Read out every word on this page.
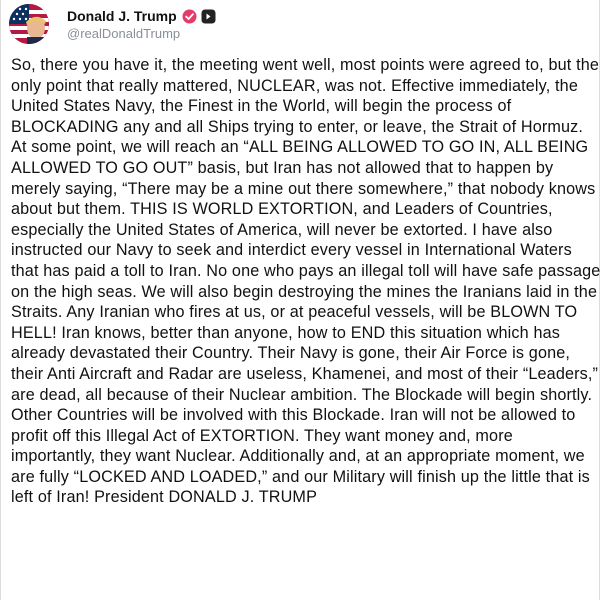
Donald J. Trump
@realDonaldTrump
So, there you have it, the meeting went well, most points were agreed to, but the only point that really mattered, NUCLEAR, was not. Effective immediately, the United States Navy, the Finest in the World, will begin the process of BLOCKADING any and all Ships trying to enter, or leave, the Strait of Hormuz. At some point, we will reach an “ALL BEING ALLOWED TO GO IN, ALL BEING ALLOWED TO GO OUT” basis, but Iran has not allowed that to happen by merely saying, “There may be a mine out there somewhere,” that nobody knows about but them. THIS IS WORLD EXTORTION, and Leaders of Countries, especially the United States of America, will never be extorted. I have also instructed our Navy to seek and interdict every vessel in International Waters that has paid a toll to Iran. No one who pays an illegal toll will have safe passage on the high seas. We will also begin destroying the mines the Iranians laid in the Straits. Any Iranian who fires at us, or at peaceful vessels, will be BLOWN TO HELL! Iran knows, better than anyone, how to END this situation which has already devastated their Country. Their Navy is gone, their Air Force is gone, their Anti Aircraft and Radar are useless, Khamenei, and most of their “Leaders,” are dead, all because of their Nuclear ambition. The Blockade will begin shortly. Other Countries will be involved with this Blockade. Iran will not be allowed to profit off this Illegal Act of EXTORTION. They want money and, more importantly, they want Nuclear. Additionally and, at an appropriate moment, we are fully “LOCKED AND LOADED,” and our Military will finish up the little that is left of Iran! President DONALD J. TRUMP
